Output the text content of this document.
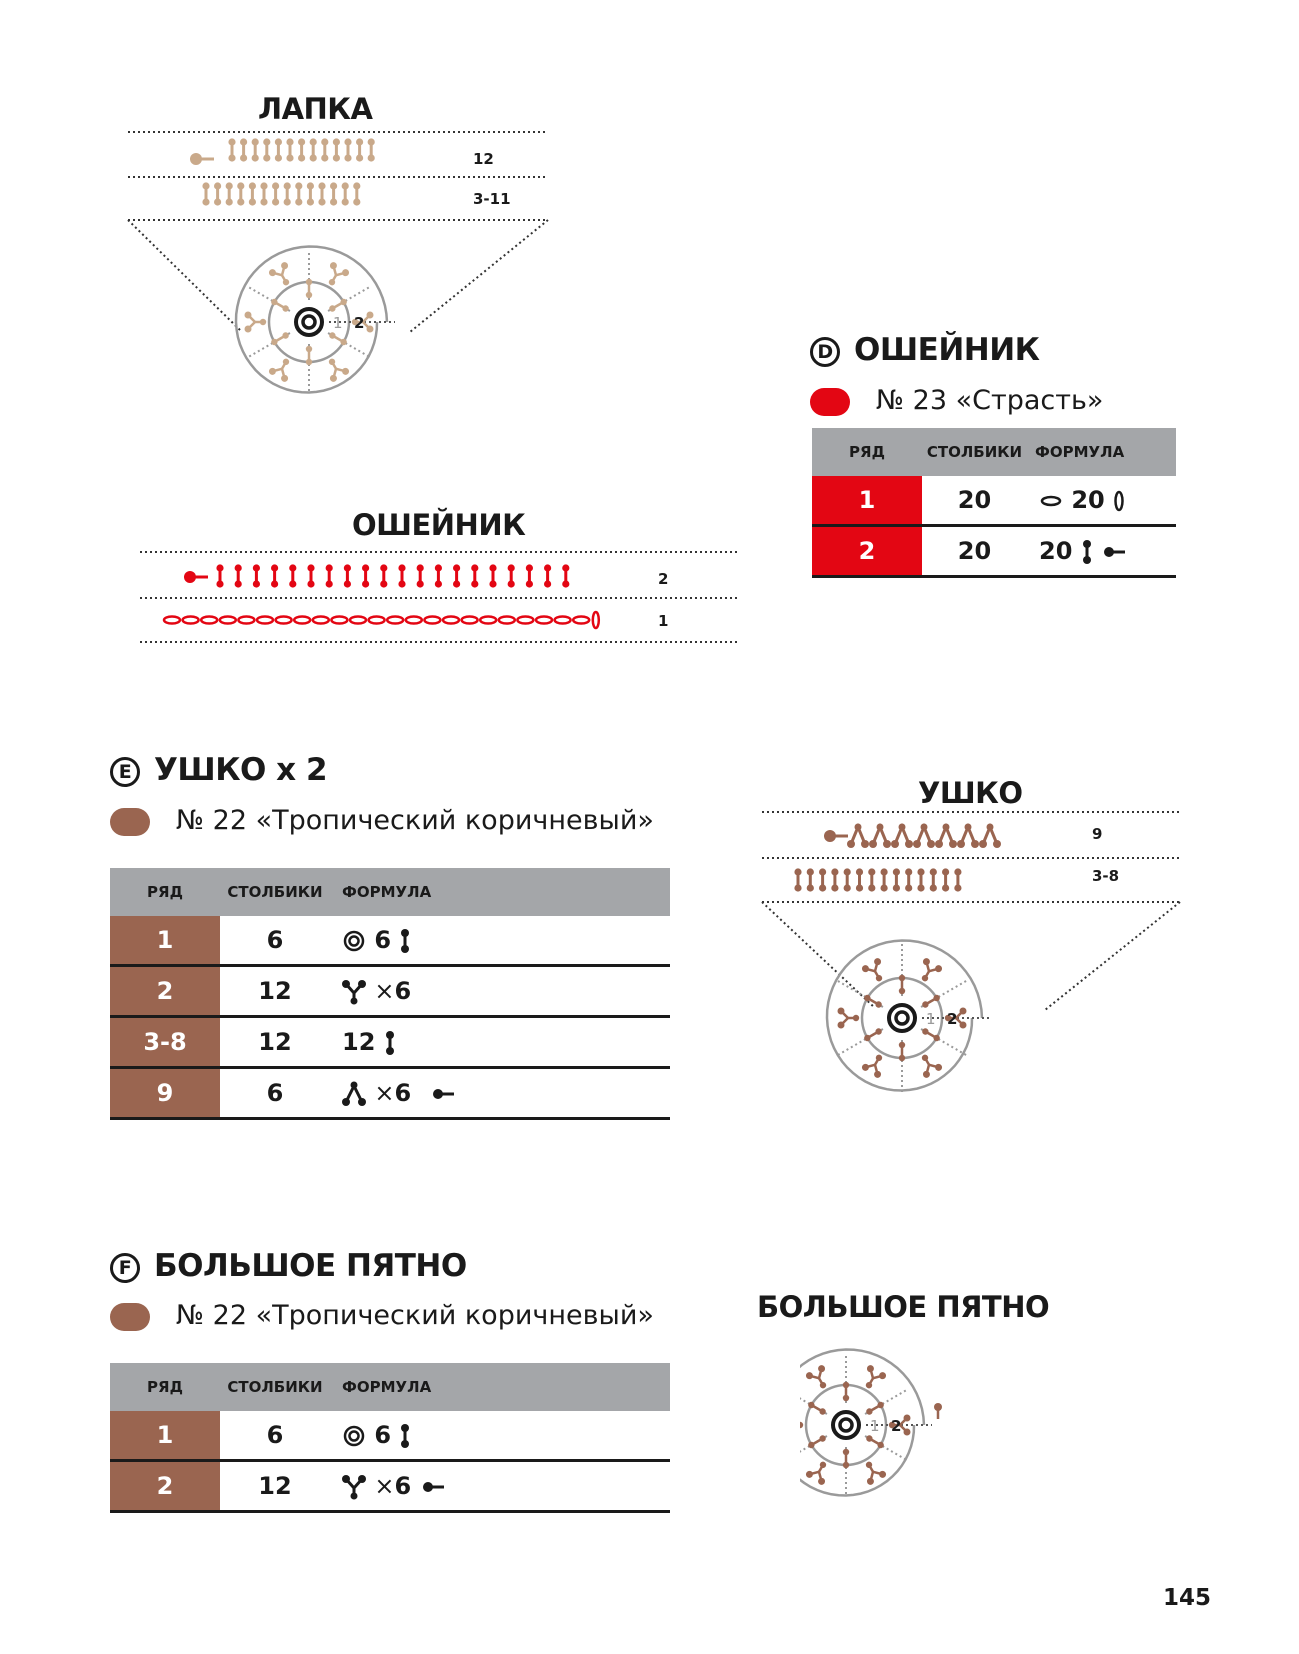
ЛАПКА
1 2
12
3-11
ОШЕЙНИК
2
1
D ОШЕЙНИК
№ 23 «Страсть»
РЯД	СТОЛБИКИ	ФОРМУЛА
1	20	20
2	20	20
E УШКО х 2
№ 22 «Тропический коричневый»
РЯД	СТОЛБИКИ	ФОРМУЛА
1	6	6
2	12	×6
3-8	12	12
9	6	×6
УШКО
1 2
9
3-8
F БОЛЬШОЕ ПЯТНО
№ 22 «Тропический коричневый»
РЯД	СТОЛБИКИ	ФОРМУЛА
1	6	6
2	12	×6
БОЛЬШОЕ ПЯТНО
1 2
145
